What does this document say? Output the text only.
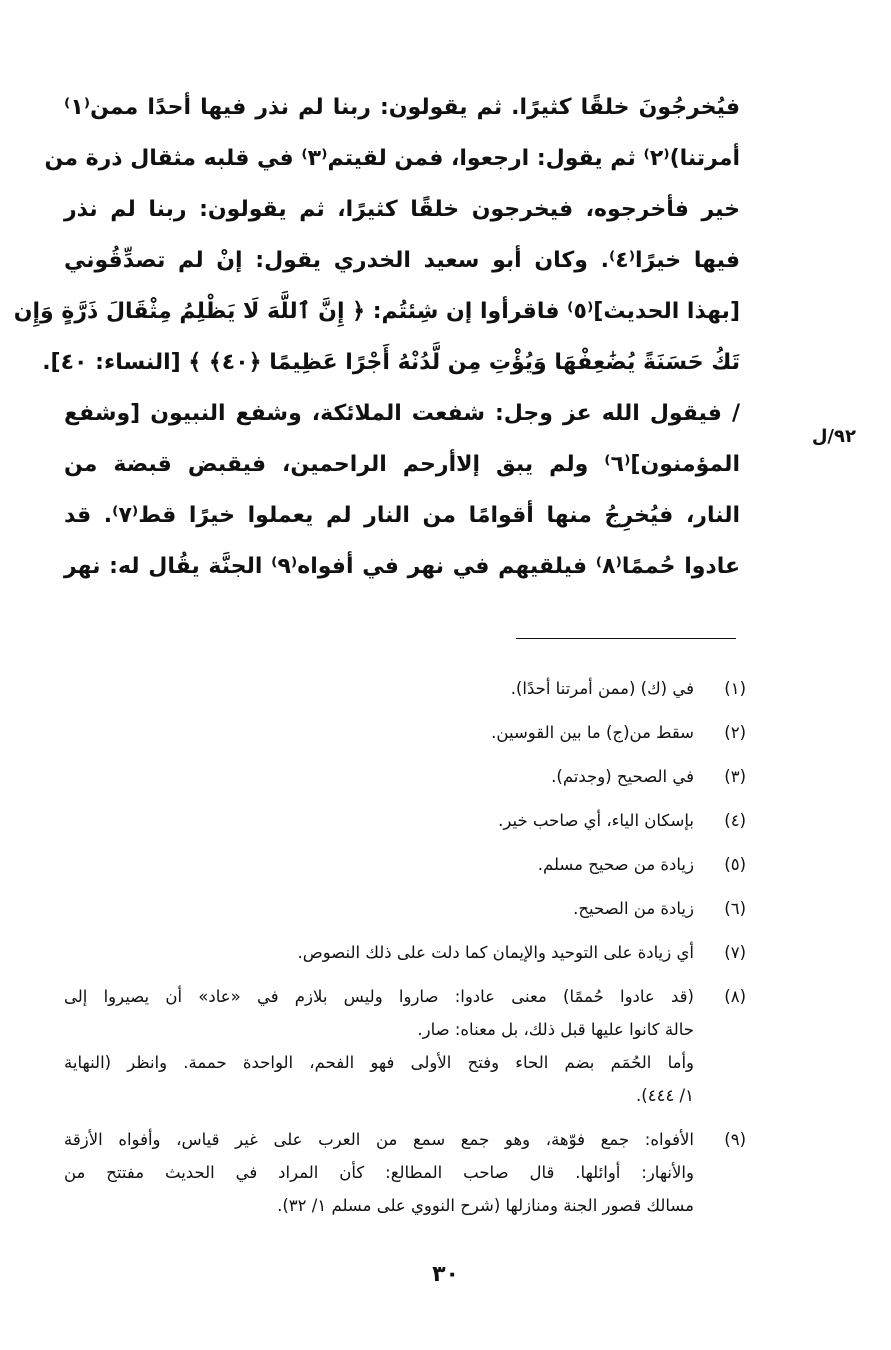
فيُخرجُونَ خلقًا كثيرًا. ثم يقولون: ربنا لم نذر فيها أحدًا ممن⁽١⁾
أمرتنا)⁽٢⁾ ثم يقول: ارجعوا، فمن لقيتم⁽٣⁾ في قلبه مثقال ذرة من
خير فأخرجوه، فيخرجون خلقًا كثيرًا، ثم يقولون: ربنا لم نذر
فيها خيرًا⁽٤⁾. وكان أبو سعيد الخدري يقول: إنْ لم تصدِّقُوني
[بهذا الحديث]⁽٥⁾ فاقرأوا إن شِئتُم: ﴿ إِنَّ ٱللَّهَ لَا يَظْلِمُ مِثْقَالَ ذَرَّةٍ وَإِن
تَكُ حَسَنَةً يُضَٰعِفْهَا وَيُؤْتِ مِن لَّدُنْهُ أَجْرًا عَظِيمًا ﴿٤٠﴾ ﴾ [النساء: ٤٠].
/ فيقول الله عز وجل: شفعت الملائكة، وشفع النبيون [وشفع
المؤمنون]⁽٦⁾ ولم يبق إلاأرحم الراحمين، فيقبض قبضة من
النار، فيُخرِجُ منها أقوامًا من النار لم يعملوا خيرًا قط⁽٧⁾. قد
عادوا حُممًا⁽٨⁾ فيلقيهم في نهر في أفواه⁽٩⁾ الجنَّة يقُال له: نهر
٩٢/ل
(١)
في (ك) (ممن أمرتنا أحدًا).
(٢)
سقط من(ج) ما بين القوسين.
(٣)
في الصحيح (وجدتم).
(٤)
بإسكان الياء، أي صاحب خير.
(٥)
زيادة من صحيح مسلم.
(٦)
زيادة من الصحيح.
(٧)
أي زيادة على التوحيد والإيمان كما دلت على ذلك النصوص.
(٨)
(قد عادوا حُممًا) معنى عادوا: صاروا وليس بلازم في «عاد» أن يصيروا إلى
حالة كانوا عليها قبل ذلك، بل معناه: صار.
وأما الحُمَم بضم الحاء وفتح الأولى فهو الفحم، الواحدة حممة. وانظر (النهاية
١/ ٤٤٤).
(٩)
الأفواه: جمع فوّهة، وهو جمع سمع من العرب على غير قياس، وأفواه الأزقة
والأنهار: أوائلها. قال صاحب المطالع: كأن المراد في الحديث مفتتح من
مسالك قصور الجنة ومنازلها (شرح النووي على مسلم ١/ ٣٢).
٣٠
